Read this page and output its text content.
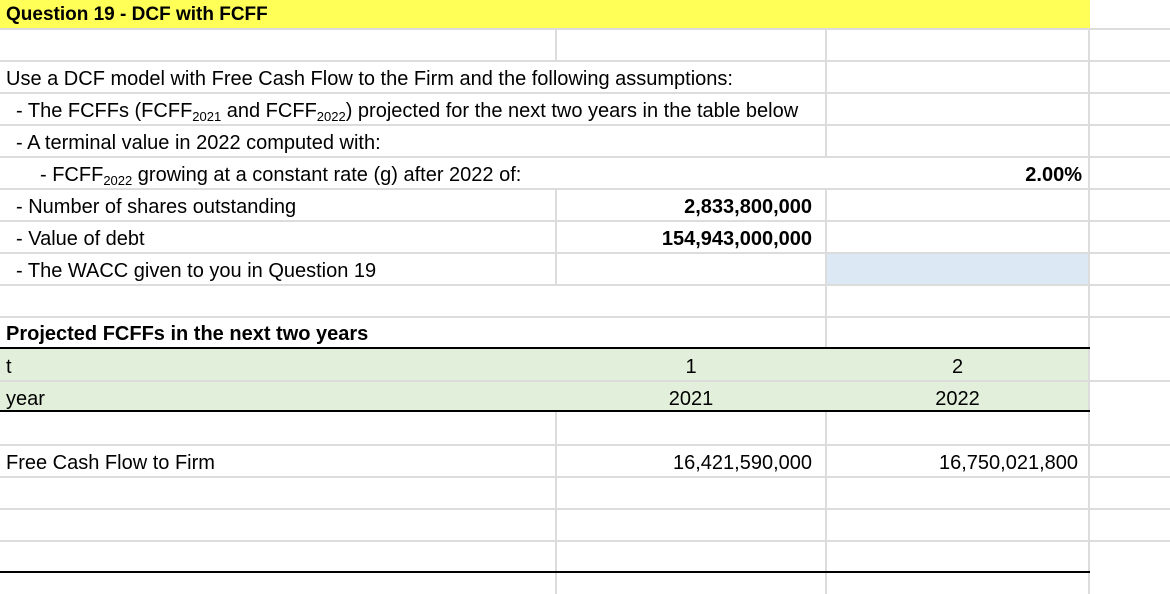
Question 19 - DCF with FCFF
Use a DCF model with Free Cash Flow to the Firm and the following assumptions:
- The FCFFs ($FCFF_{2021}$ and $FCFF_{2022}$) projected for the next two years in the table below
- A terminal value in 2022 computed with:
- $FCFF_{2022}$ growing at a constant rate (g) after 2022 of:	2.00%
- Number of shares outstanding	2,833,800,000
- Value of debt	154,943,000,000
- The WACC given to you in Question 19
Projected FCFFs in the next two years
t	1	2
year	2021	2022
Free Cash Flow to Firm	16,421,590,000	16,750,021,800
